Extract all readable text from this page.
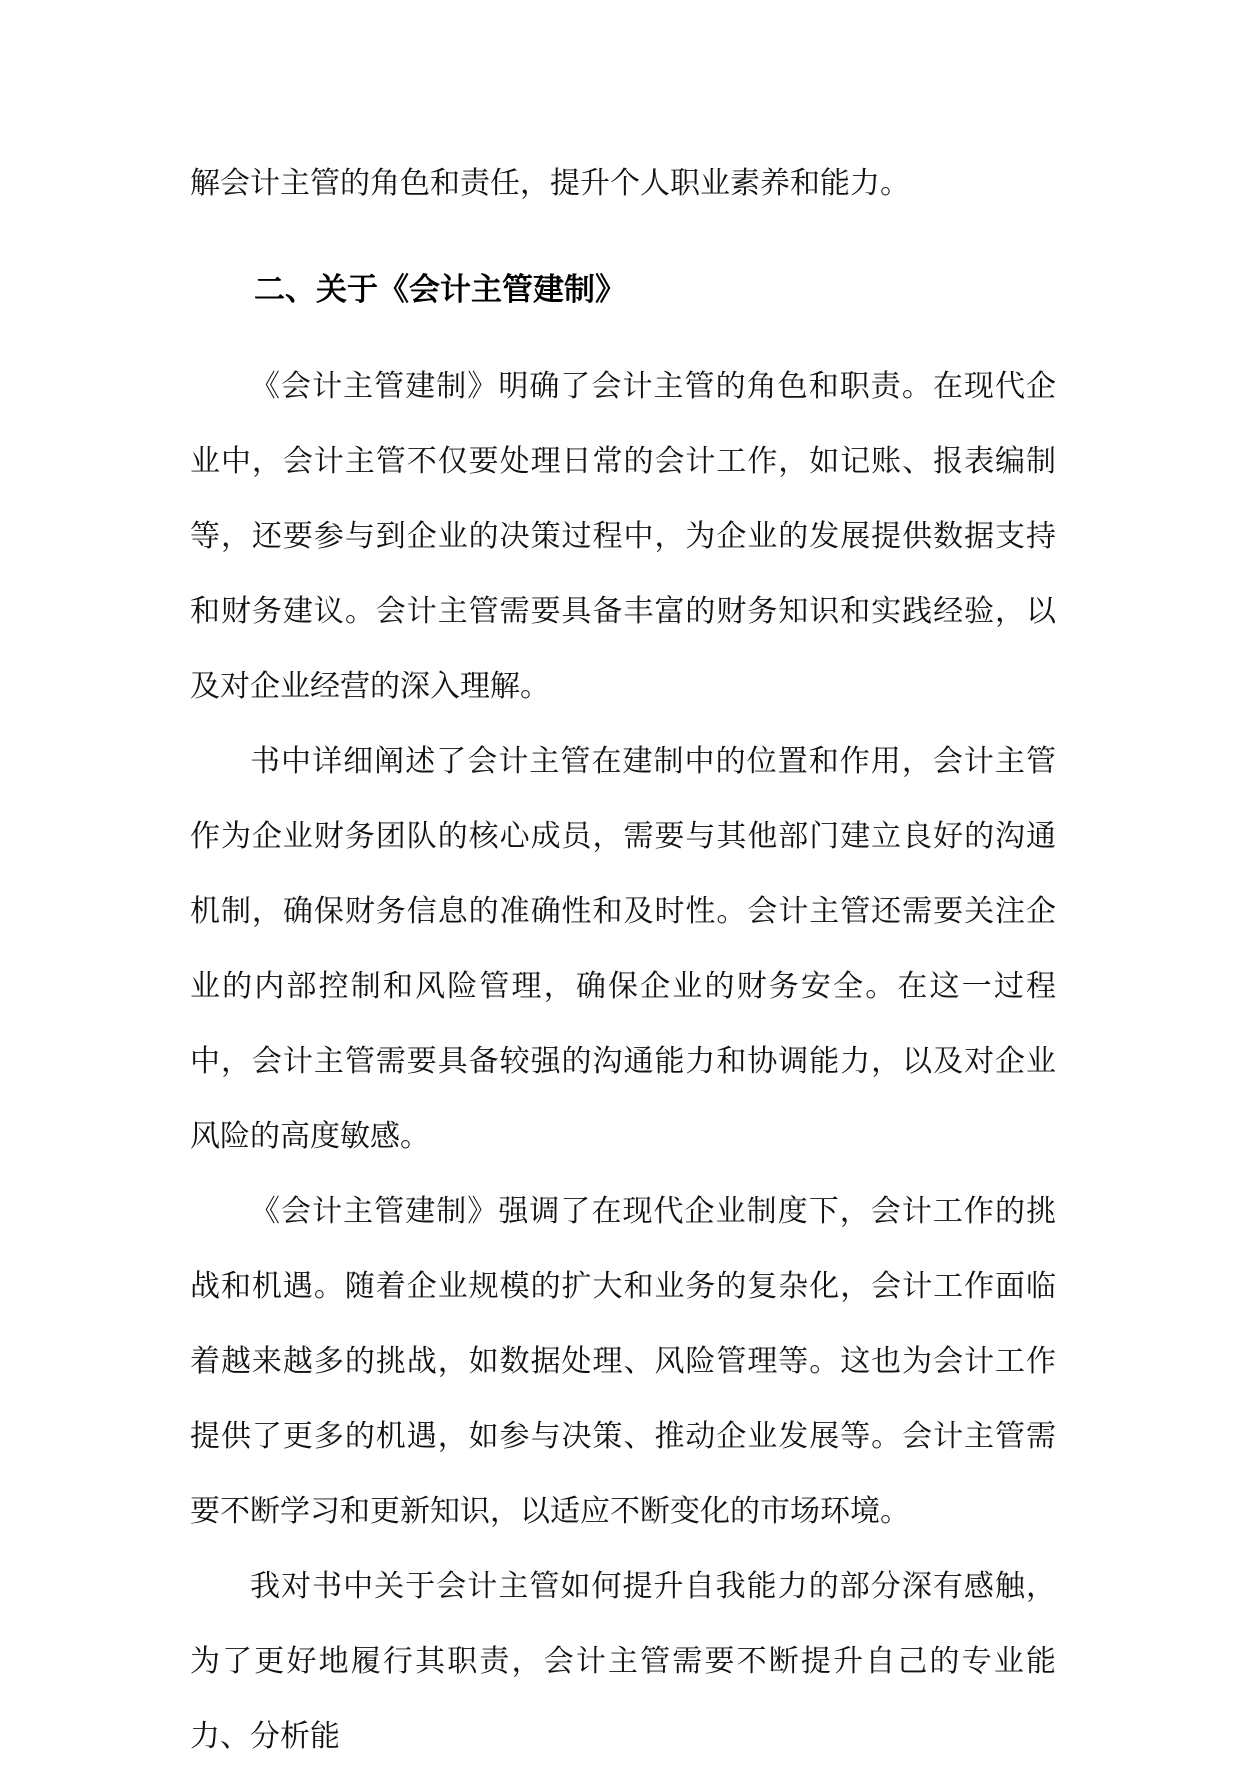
解会计主管的角色和责任，提升个人职业素养和能力。

二、关于《会计主管建制》

《会计主管建制》明确了会计主管的角色和职责。在现代企业中，会计主管不仅要处理日常的会计工作，如记账、报表编制等，还要参与到企业的决策过程中，为企业的发展提供数据支持和财务建议。会计主管需要具备丰富的财务知识和实践经验，以及对企业经营的深入理解。

书中详细阐述了会计主管在建制中的位置和作用，会计主管作为企业财务团队的核心成员，需要与其他部门建立良好的沟通机制，确保财务信息的准确性和及时性。会计主管还需要关注企业的内部控制和风险管理，确保企业的财务安全。在这一过程中，会计主管需要具备较强的沟通能力和协调能力，以及对企业风险的高度敏感。

《会计主管建制》强调了在现代企业制度下，会计工作的挑战和机遇。随着企业规模的扩大和业务的复杂化，会计工作面临着越来越多的挑战，如数据处理、风险管理等。这也为会计工作提供了更多的机遇，如参与决策、推动企业发展等。会计主管需要不断学习和更新知识，以适应不断变化的市场环境。

我对书中关于会计主管如何提升自我能力的部分深有感触，为了更好地履行其职责，会计主管需要不断提升自己的专业能力、分析能
